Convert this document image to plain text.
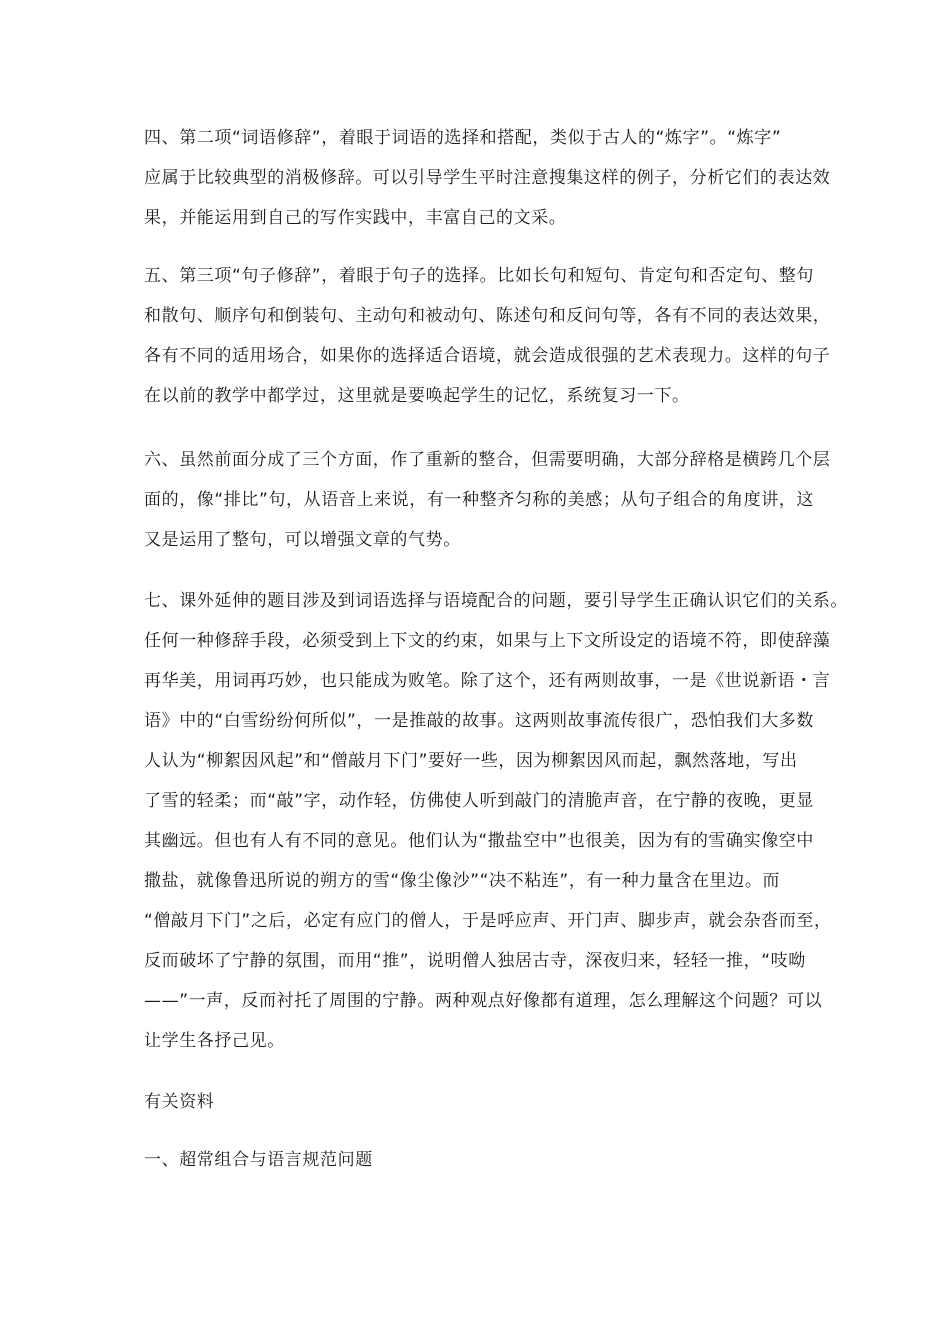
四、第二项“词语修辞”，着眼于词语的选择和搭配，类似于古人的“炼字”。“炼字”
应属于比较典型的消极修辞。可以引导学生平时注意搜集这样的例子，分析它们的表达效
果，并能运用到自己的写作实践中，丰富自己的文采。
五、第三项“句子修辞”，着眼于句子的选择。比如长句和短句、肯定句和否定句、整句
和散句、顺序句和倒装句、主动句和被动句、陈述句和反问句等，各有不同的表达效果，
各有不同的适用场合，如果你的选择适合语境，就会造成很强的艺术表现力。这样的句子
在以前的教学中都学过，这里就是要唤起学生的记忆，系统复习一下。
六、虽然前面分成了三个方面，作了重新的整合，但需要明确，大部分辞格是横跨几个层
面的，像“排比”句，从语音上来说，有一种整齐匀称的美感；从句子组合的角度讲，这
又是运用了整句，可以增强文章的气势。
七、课外延伸的题目涉及到词语选择与语境配合的问题，要引导学生正确认识它们的关系。
任何一种修辞手段，必须受到上下文的约束，如果与上下文所设定的语境不符，即使辞藻
再华美，用词再巧妙，也只能成为败笔。除了这个，还有两则故事，一是《世说新语・言
语》中的“白雪纷纷何所似”，一是推敲的故事。这两则故事流传很广，恐怕我们大多数
人认为“柳絮因风起”和“僧敲月下门”要好一些，因为柳絮因风而起，飘然落地，写出
了雪的轻柔；而“敲”字，动作轻，仿佛使人听到敲门的清脆声音，在宁静的夜晚，更显
其幽远。但也有人有不同的意见。他们认为“撒盐空中”也很美，因为有的雪确实像空中
撒盐，就像鲁迅所说的朔方的雪“像尘像沙”“决不粘连”，有一种力量含在里边。而
“僧敲月下门”之后，必定有应门的僧人，于是呼应声、开门声、脚步声，就会杂沓而至，
反而破坏了宁静的氛围，而用“推”，说明僧人独居古寺，深夜归来，轻轻一推，“吱呦
——”一声，反而衬托了周围的宁静。两种观点好像都有道理，怎么理解这个问题？可以
让学生各抒己见。
有关资料
一、超常组合与语言规范问题
